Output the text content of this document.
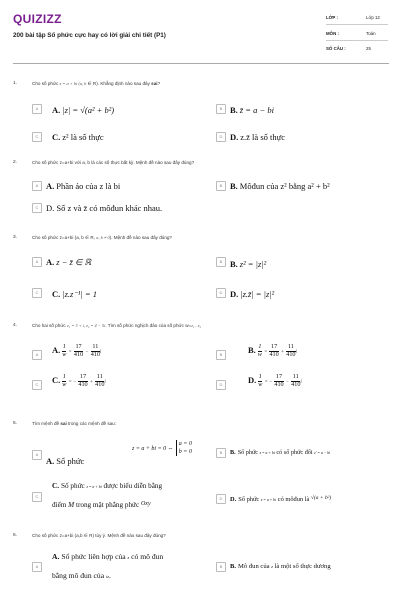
QUIZIZZ
200 bài tập Số phức cực hay có lời giải chi tiết (P1)
LỚP :	Lớp 12
MÔN :	Toán
SỐ CÂU :	25
1.	Cho số phức z = a + bi (a, b ∈ R). Khẳng định nào sau đây sai?
A	A. |z| = √(a² + b²)	B B. z̄ = a − bi
C	C. z² là số thực	D D. z.z̄ là số thực
2.	Cho số phức z=a+bi với a, b là các số thực bất kỳ. Mệnh đề nào sau đây đúng?
A A. Phần ảo của z là bi	B B. Môđun của z² bằng a² + b²
C D. Số z và z̄ có môđun khác nhau.
3.	Cho số phức z=a+bi (a, b ∈ R, a, b ≠ 0). Mệnh đề nào sau đây đúng?
A A. z − z̄ ∈ ℝ	B B. z² = |z|²
C	C. |z.z⁻¹| = 1	D D. |z.z̄| = |z|²
4.	Cho hai số phức z₁ = 3 + i, z₂ = 4 − 5i. Tìm số phức nghịch đảo của số phức w=z₁ . z₂
A	A. $\frac{1}{w} = \frac{17}{410} - \frac{11}{410}$ i	B	B. $\frac{1}{w} = \frac{17}{410} + \frac{11}{410}$ i
C	C. $\frac{1}{w}$ = − $\frac{17}{410} + \frac{11}{410}$ i	D	D. $\frac{1}{w}$ = − $\frac{17}{410} - \frac{11}{410}$ i
5.	Tìm mệnh đề sai trong các mệnh đề sau:
A
A. Số phức
z = a + bi = 0 ⇔
a = 0
b = 0	B	B. Số phức z = a + bi có số phức đối z' = a − bi
C
C. Số phức z = a + bi được biểu diễn bằng
điểm M trong mặt phẳng phức $^{Oxy}$
D	D. Số phức z = a + bi có môđun là √(a + b²)
6.	Cho số phức z=a+bi (a,b ∈ R) tùy ý. Mệnh đề nào sau đây đúng?
A
A. Số phức liên hợp của z có mô đun
bằng mô đun của iz.
B	B. Mô đun của z là một số thực dương
